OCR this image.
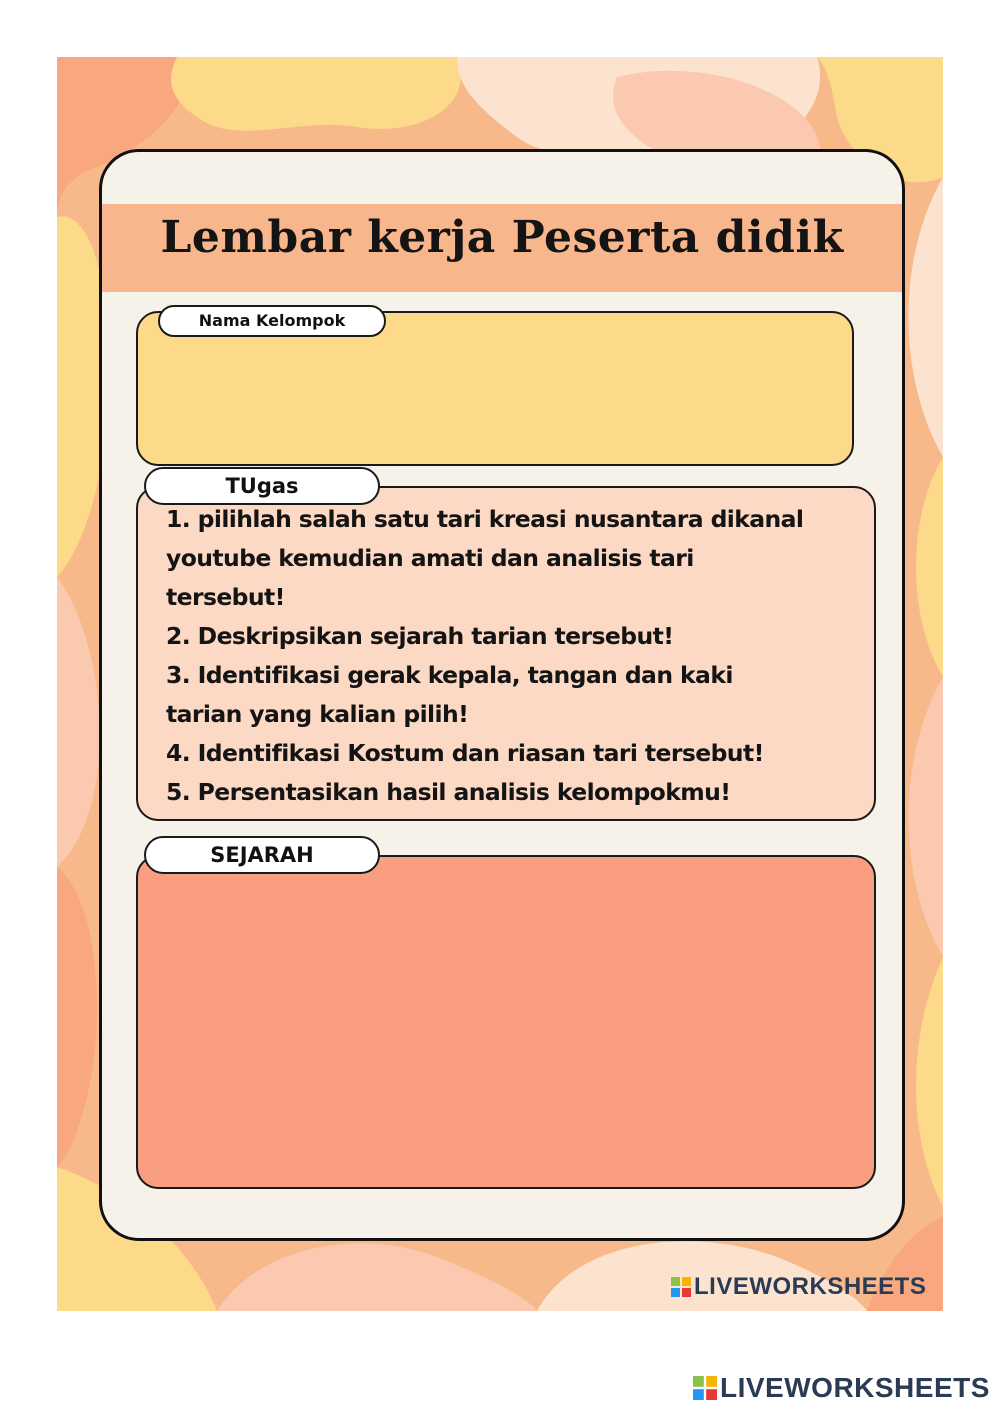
Lembar kerja Peserta didik
Nama Kelompok
TUgas
1. pilihlah salah satu tari kreasi nusantara dikanal
youtube kemudian amati dan analisis tari
tersebut!
2. Deskripsikan sejarah tarian tersebut!
3. Identifikasi gerak kepala, tangan dan kaki
tarian yang kalian pilih!
4. Identifikasi Kostum dan riasan tari tersebut!
5. Persentasikan hasil analisis kelompokmu!
SEJARAH
LIVEWORKSHEETS
LIVEWORKSHEETS
